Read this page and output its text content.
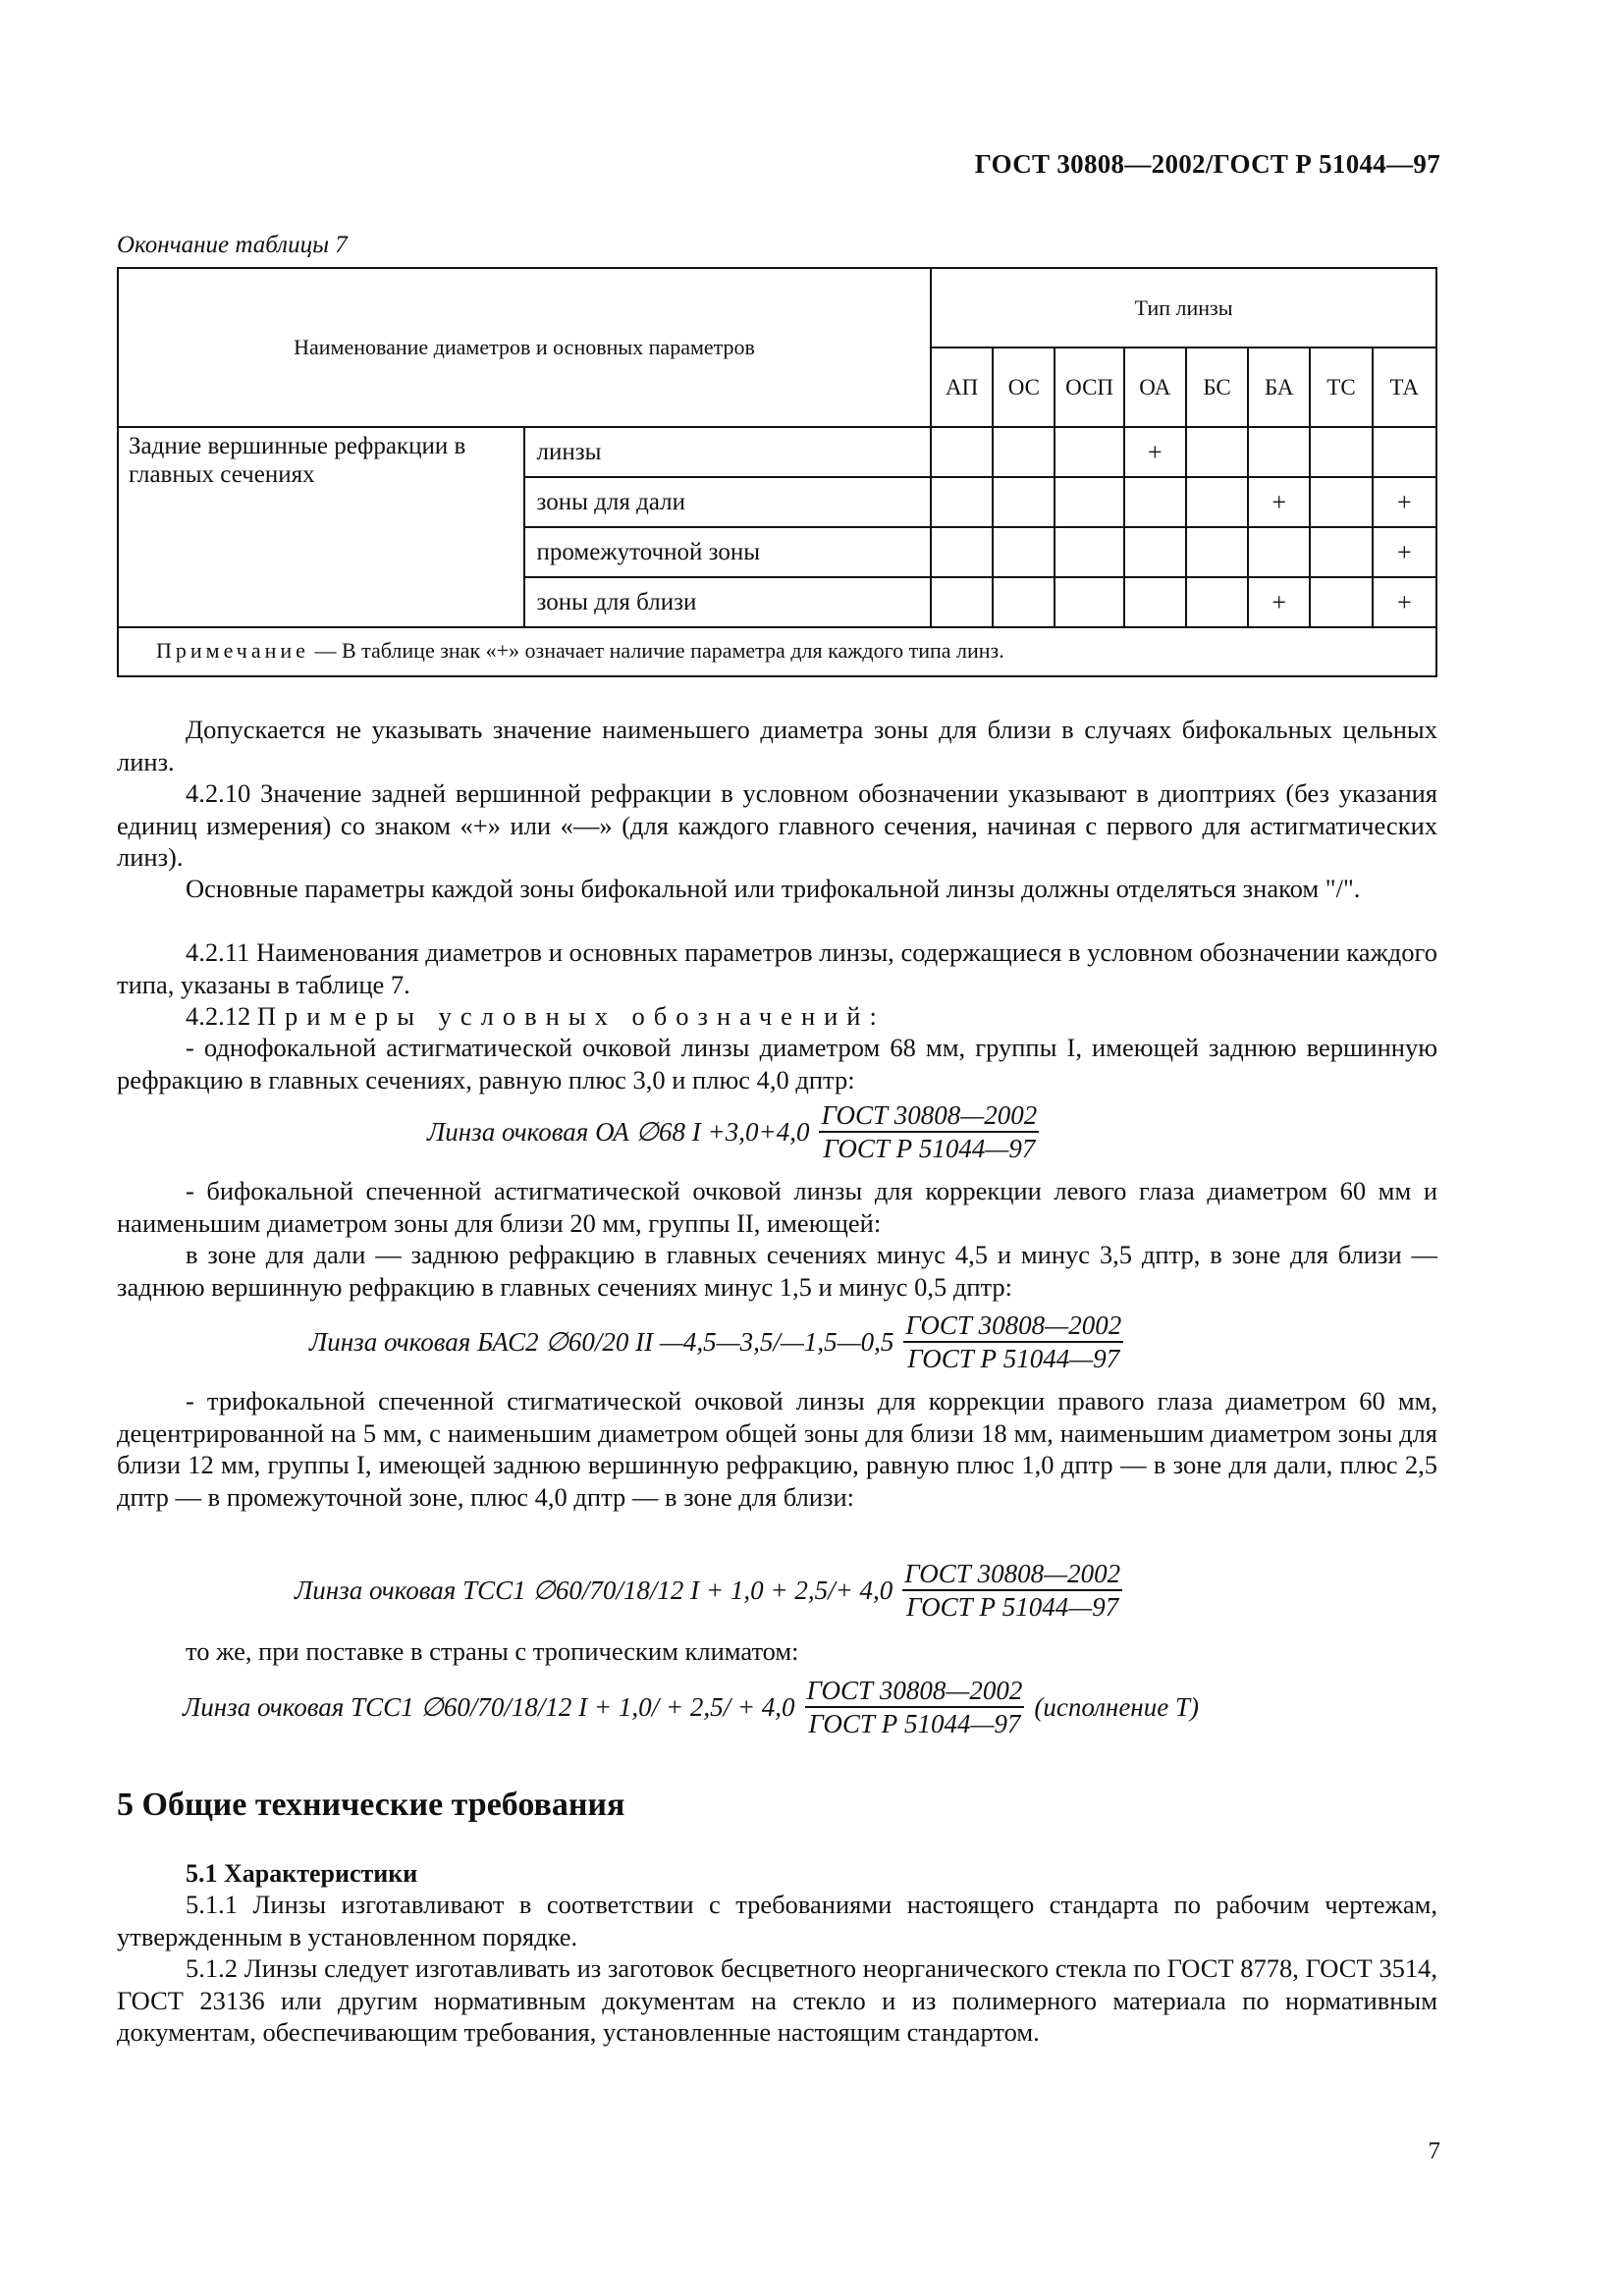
ГОСТ 30808—2002/ГОСТ Р 51044—97
Окончание таблицы 7
Наименование диаметров и основных параметров		Тип линзы							
		АП	ОС	ОСП	ОА	БС	БА	ТС	ТА
Задние вершинные рефракции в главных сечениях	линзы				+				
	зоны для дали						+		+
	промежуточной зоны								+
	зоны для близи						+		+
Примечание — В таблице знак «+» означает наличие параметра для каждого типа линз.									

Допускается не указывать значение наименьшего диаметра зоны для близи в случаях бифокальных цельных линз.

4.2.10 Значение задней вершинной рефракции в условном обозначении указывают в диоптриях (без указания единиц измерения) со знаком «+» или «—» (для каждого главного сечения, начиная с первого для астигматических линз).

Основные параметры каждой зоны бифокальной или трифокальной линзы должны отделяться знаком "/".

4.2.11 Наименования диаметров и основных параметров линзы, содержащиеся в условном обозначении каждого типа, указаны в таблице 7.

4.2.12 Примеры условных обозначений:

- однофокальной астигматической очковой линзы диаметром 68 мм, группы I, имеющей заднюю вершинную рефракцию в главных сечениях, равную плюс 3,0 и плюс 4,0 дптр:

Линза очковая ОА ∅68 $I +3,0+4,0 \frac{\text{ГОСТ 30808—2002}}{\text{ГОСТ Р 51044—97}}$

- бифокальной спеченной астигматической очковой линзы для коррекции левого глаза диаметром 60 мм и наименьшим диаметром зоны для близи 20 мм, группы II, имеющей:

в зоне для дали — заднюю рефракцию в главных сечениях минус 4,5 и минус 3,5 дптр, в зоне для близи — заднюю вершинную рефракцию в главных сечениях минус 1,5 и минус 0,5 дптр:

Линза очковая БАС2 ∅60/20 II —4,5—3,5/—1,5—0,5 $\frac{\text{ГОСТ 30808—2002}}{\text{ГОСТ Р 51044—97}}$

- трифокальной спеченной стигматической очковой линзы для коррекции правого глаза диаметром 60 мм, децентрированной на 5 мм, с наименьшим диаметром общей зоны для близи 18 мм, наименьшим диаметром зоны для близи 12 мм, группы I, имеющей заднюю вершинную рефракцию, равную плюс 1,0 дптр — в зоне для дали, плюс 2,5 дптр — в промежуточной зоне, плюс 4,0 дптр — в зоне для близи:

Линза очковая ТСС1 ∅60/70/18/12 $I + 1,0 + 2,5/+ 4,0 \frac{\text{ГОСТ 30808—2002}}{\text{ГОСТ Р 51044—97}}$

то же, при поставке в страны с тропическим климатом:

Линза очковая ТСС1 ∅60/70/18/12 $I + 1,0/ + 2,5/ + 4,0 \frac{\text{ГОСТ 30808—2002}}{\text{ГОСТ Р 51044—97}}$ (исполнение Т)
5 Общие технические требования
5.1 Характеристики

5.1.1 Линзы изготавливают в соответствии с требованиями настоящего стандарта по рабочим чертежам, утвержденным в установленном порядке.

5.1.2 Линзы следует изготавливать из заготовок бесцветного неорганического стекла по ГОСТ 8778, ГОСТ 3514, ГОСТ 23136 или другим нормативным документам на стекло и из полимерного материала по нормативным документам, обеспечивающим требования, установленные настоящим стандартом.

7
